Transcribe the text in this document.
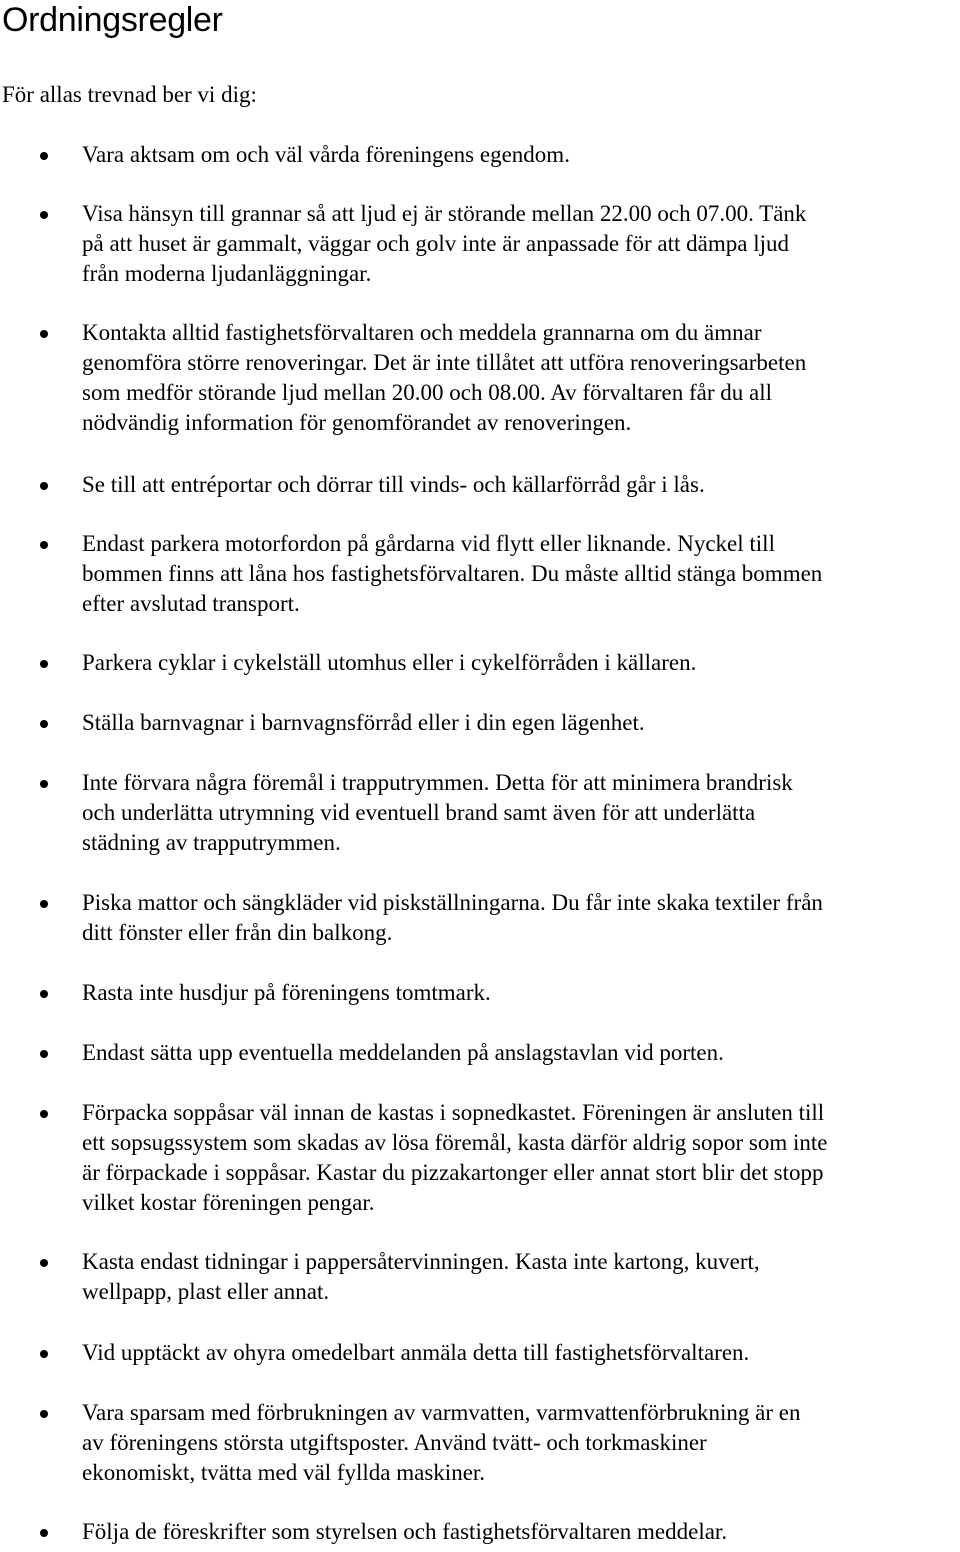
Ordningsregler

För allas trevnad ber vi dig:

Vara aktsam om och väl vårda föreningens egendom.

Visa hänsyn till grannar så att ljud ej är störande mellan 22.00 och 07.00. Tänk
på att huset är gammalt, väggar och golv inte är anpassade för att dämpa ljud
från moderna ljudanläggningar.

Kontakta alltid fastighetsförvaltaren och meddela grannarna om du ämnar
genomföra större renoveringar. Det är inte tillåtet att utföra renoveringsarbeten
som medför störande ljud mellan 20.00 och 08.00. Av förvaltaren får du all
nödvändig information för genomförandet av renoveringen.

Se till att entréportar och dörrar till vinds- och källarförråd går i lås.

Endast parkera motorfordon på gårdarna vid flytt eller liknande. Nyckel till
bommen finns att låna hos fastighetsförvaltaren. Du måste alltid stänga bommen
efter avslutad transport.

Parkera cyklar i cykelställ utomhus eller i cykelförråden i källaren.

Ställa barnvagnar i barnvagnsförråd eller i din egen lägenhet.

Inte förvara några föremål i trapputrymmen. Detta för att minimera brandrisk
och underlätta utrymning vid eventuell brand samt även för att underlätta
städning av trapputrymmen.

Piska mattor och sängkläder vid piskställningarna. Du får inte skaka textiler från
ditt fönster eller från din balkong.

Rasta inte husdjur på föreningens tomtmark.

Endast sätta upp eventuella meddelanden på anslagstavlan vid porten.

Förpacka soppåsar väl innan de kastas i sopnedkastet. Föreningen är ansluten till
ett sopsugssystem som skadas av lösa föremål, kasta därför aldrig sopor som inte
är förpackade i soppåsar. Kastar du pizzakartonger eller annat stort blir det stopp
vilket kostar föreningen pengar.

Kasta endast tidningar i pappersåtervinningen. Kasta inte kartong, kuvert,
wellpapp, plast eller annat.

Vid upptäckt av ohyra omedelbart anmäla detta till fastighetsförvaltaren.

Vara sparsam med förbrukningen av varmvatten, varmvattenförbrukning är en
av föreningens största utgiftsposter. Använd tvätt- och torkmaskiner
ekonomiskt, tvätta med väl fyllda maskiner.

Följa de föreskrifter som styrelsen och fastighetsförvaltaren meddelar.
